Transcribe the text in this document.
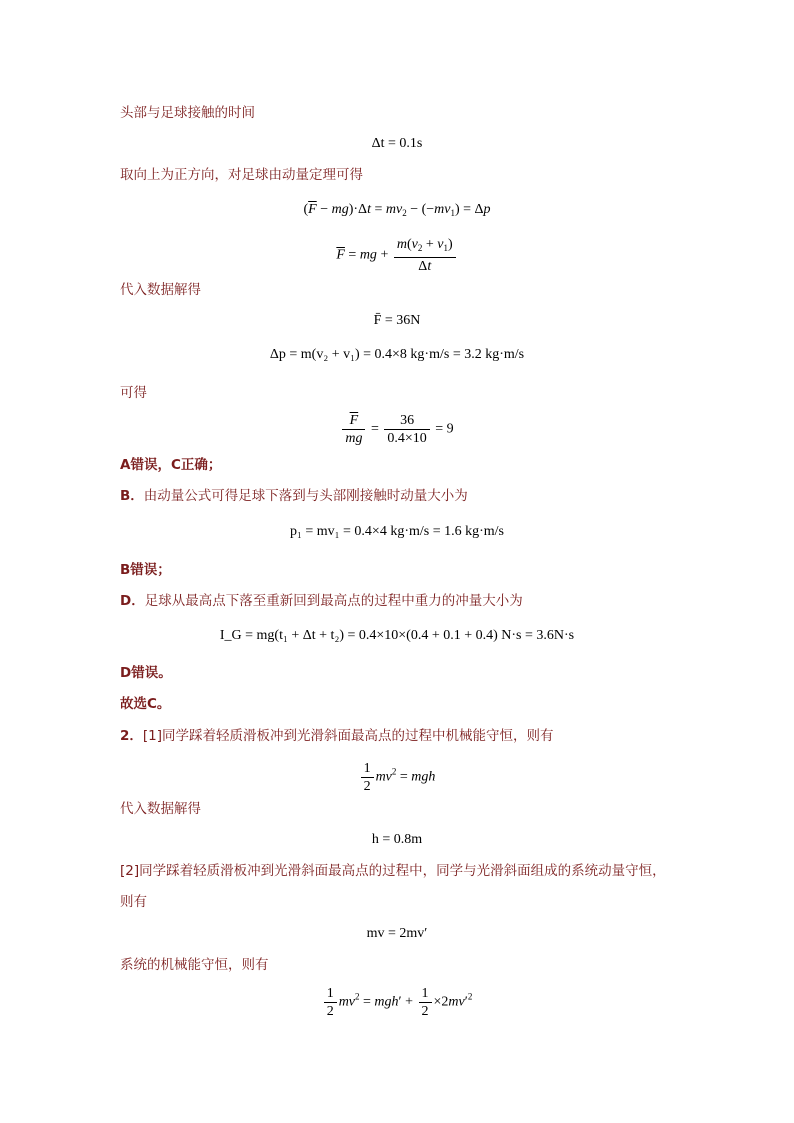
头部与足球接触的时间
Δt = 0.1s
取向上为正方向，对足球由动量定理可得
$(\overline{F} - mg)\cdot\Delta t = mv_2 - (-mv_1) = \Delta p$
$\overline{F}$ = mg + $\frac{m(v_2 + v_1)}{\Delta t}$
代入数据解得
F̄ = 36N
Δp = m(v₂ + v₁) = 0.4×8 kg·m/s = 3.2 kg·m/s
可得
$\frac{\overline{F}}{mg} = \frac{36}{0.4\times 10} = 9$
A错误，C正确；
B．由动量公式可得足球下落到与头部刚接触时动量大小为
p₁ = mv₁ = 0.4×4 kg·m/s = 1.6 kg·m/s
B错误；
D．足球从最高点下落至重新回到最高点的过程中重力的冲量大小为
I_G = mg(t₁ + Δt + t₂) = 0.4×10×(0.4 + 0.1 + 0.4) N·s = 3.6N·s
D错误。
故选C。
2．[1]同学踩着轻质滑板冲到光滑斜面最高点的过程中机械能守恒，则有
$\frac{1}{2} mv^2$ = mgh
代入数据解得
h = 0.8m
[2]同学踩着轻质滑板冲到光滑斜面最高点的过程中，同学与光滑斜面组成的系统动量守恒，
则有
mv = 2mv′
系统的机械能守恒，则有
$\frac{1}{2} mv^2 = mgh' + \frac{1}{2} \times 2mv'^2$
